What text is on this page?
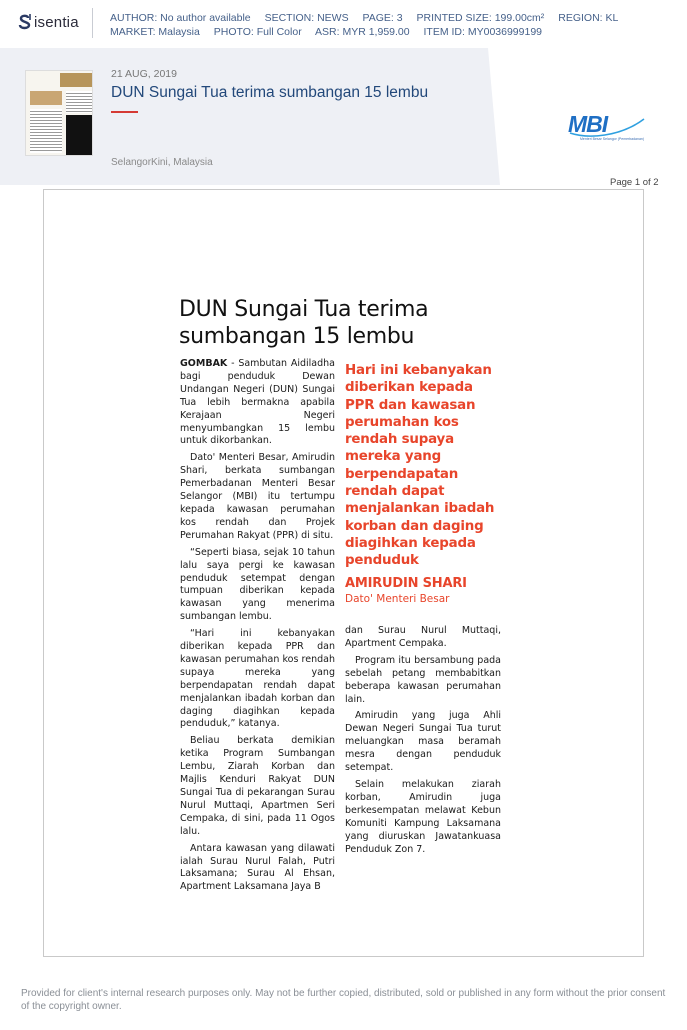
isentia	AUTHOR: No author available SECTION: NEWS PAGE: 3 PRINTED SIZE: 199.00cm² REGION: KL
MARKET: Malaysia PHOTO: Full Color ASR: MYR 1,959.00 ITEM ID: MY0036999199
21 AUG, 2019
DUN Sungai Tua terima sumbangan 15 lembu
SelangorKini, Malaysia
MBI
Menteri Besar Selangor (Pemerbadanan)
Page 1 of 2
DUN Sungai Tua terima sumbangan 15 lembu

GOMBAK - Sambutan Aidiladha bagi penduduk Dewan Undangan Negeri (DUN) Sungai Tua lebih bermakna apabila Kerajaan Negeri menyumbangkan 15 lembu untuk dikorbankan.

Dato' Menteri Besar, Amirudin Shari, berkata sumbangan Pemerbadanan Menteri Besar Selangor (MBI) itu tertumpu kepada kawasan perumahan kos rendah dan Projek Perumahan Rakyat (PPR) di situ.

“Seperti biasa, sejak 10 tahun lalu saya pergi ke kawasan penduduk setempat dengan tumpuan diberikan kepada kawasan yang menerima sumbangan lembu.

“Hari ini kebanyakan diberikan kepada PPR dan kawasan perumahan kos rendah supaya mereka yang berpendapatan rendah dapat menjalankan ibadah korban dan daging diagihkan kepada penduduk,” katanya.

Beliau berkata demikian ketika Program Sumbangan Lembu, Ziarah Korban dan Majlis Kenduri Rakyat DUN Sungai Tua di pekarangan Surau Nurul Muttaqi, Apartmen Seri Cempaka, di sini, pada 11 Ogos lalu.

Antara kawasan yang dilawati ialah Surau Nurul Falah, Putri Laksamana; Surau Al Ehsan, Apartment Laksamana Jaya B

Hari ini kebanyakan diberikan kepada PPR dan kawasan perumahan kos rendah supaya mereka yang berpendapatan rendah dapat menjalankan ibadah korban dan daging diagihkan kepada penduduk
AMIRUDIN SHARI
Dato' Menteri Besar

dan Surau Nurul Muttaqi, Apartment Cempaka.

Program itu bersambung pada sebelah petang membabitkan beberapa kawasan perumahan lain.

Amirudin yang juga Ahli Dewan Negeri Sungai Tua turut meluangkan masa beramah mesra dengan penduduk setempat.

Selain melakukan ziarah korban, Amirudin juga berkesempatan melawat Kebun Komuniti Kampung Laksamana yang diuruskan Jawatankuasa Penduduk Zon 7.

Provided for client's internal research purposes only. May not be further copied, distributed, sold or published in any form without the prior consent of the copyright owner.
